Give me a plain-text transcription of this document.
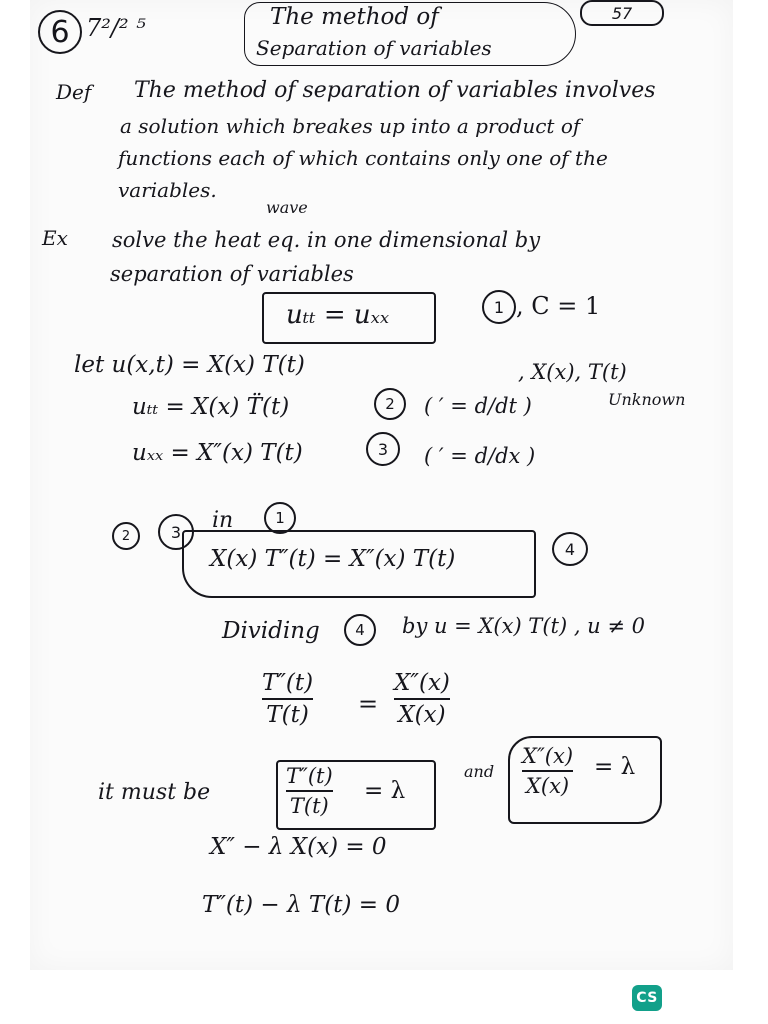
6 7²/² ⁵	The method of
Separation of variables
57
Def The method of separation of variables involves
a solution which breakes up into a product of
functions each of which contains only one of the
variables.
wave
Ex solve the heat eq. in one dimensional by
separation of variables
uₜₜ = uₓₓ	1 , C = 1
let u(x,t) = X(x) T(t)	, X(x), T(t)
Unknown
uₜₜ = X(x) T̈(t)	2 ( ′ = d/dt )
uₓₓ = X″(x) T(t)	3 ( ′ = d/dx )
2	3 in	1
X(x) T″(t) = X″(x) T(t)	4
Dividing 4 by u = X(x) T(t) , u ≠ 0
T″(t)
T(t) =
X″(x)
X(x)
it must be
T″(t)
T(t)
= λ
and
X″(x)
X(x)
= λ
X″ − λ X(x) = 0
T″(t) − λ T(t) = 0
CS
